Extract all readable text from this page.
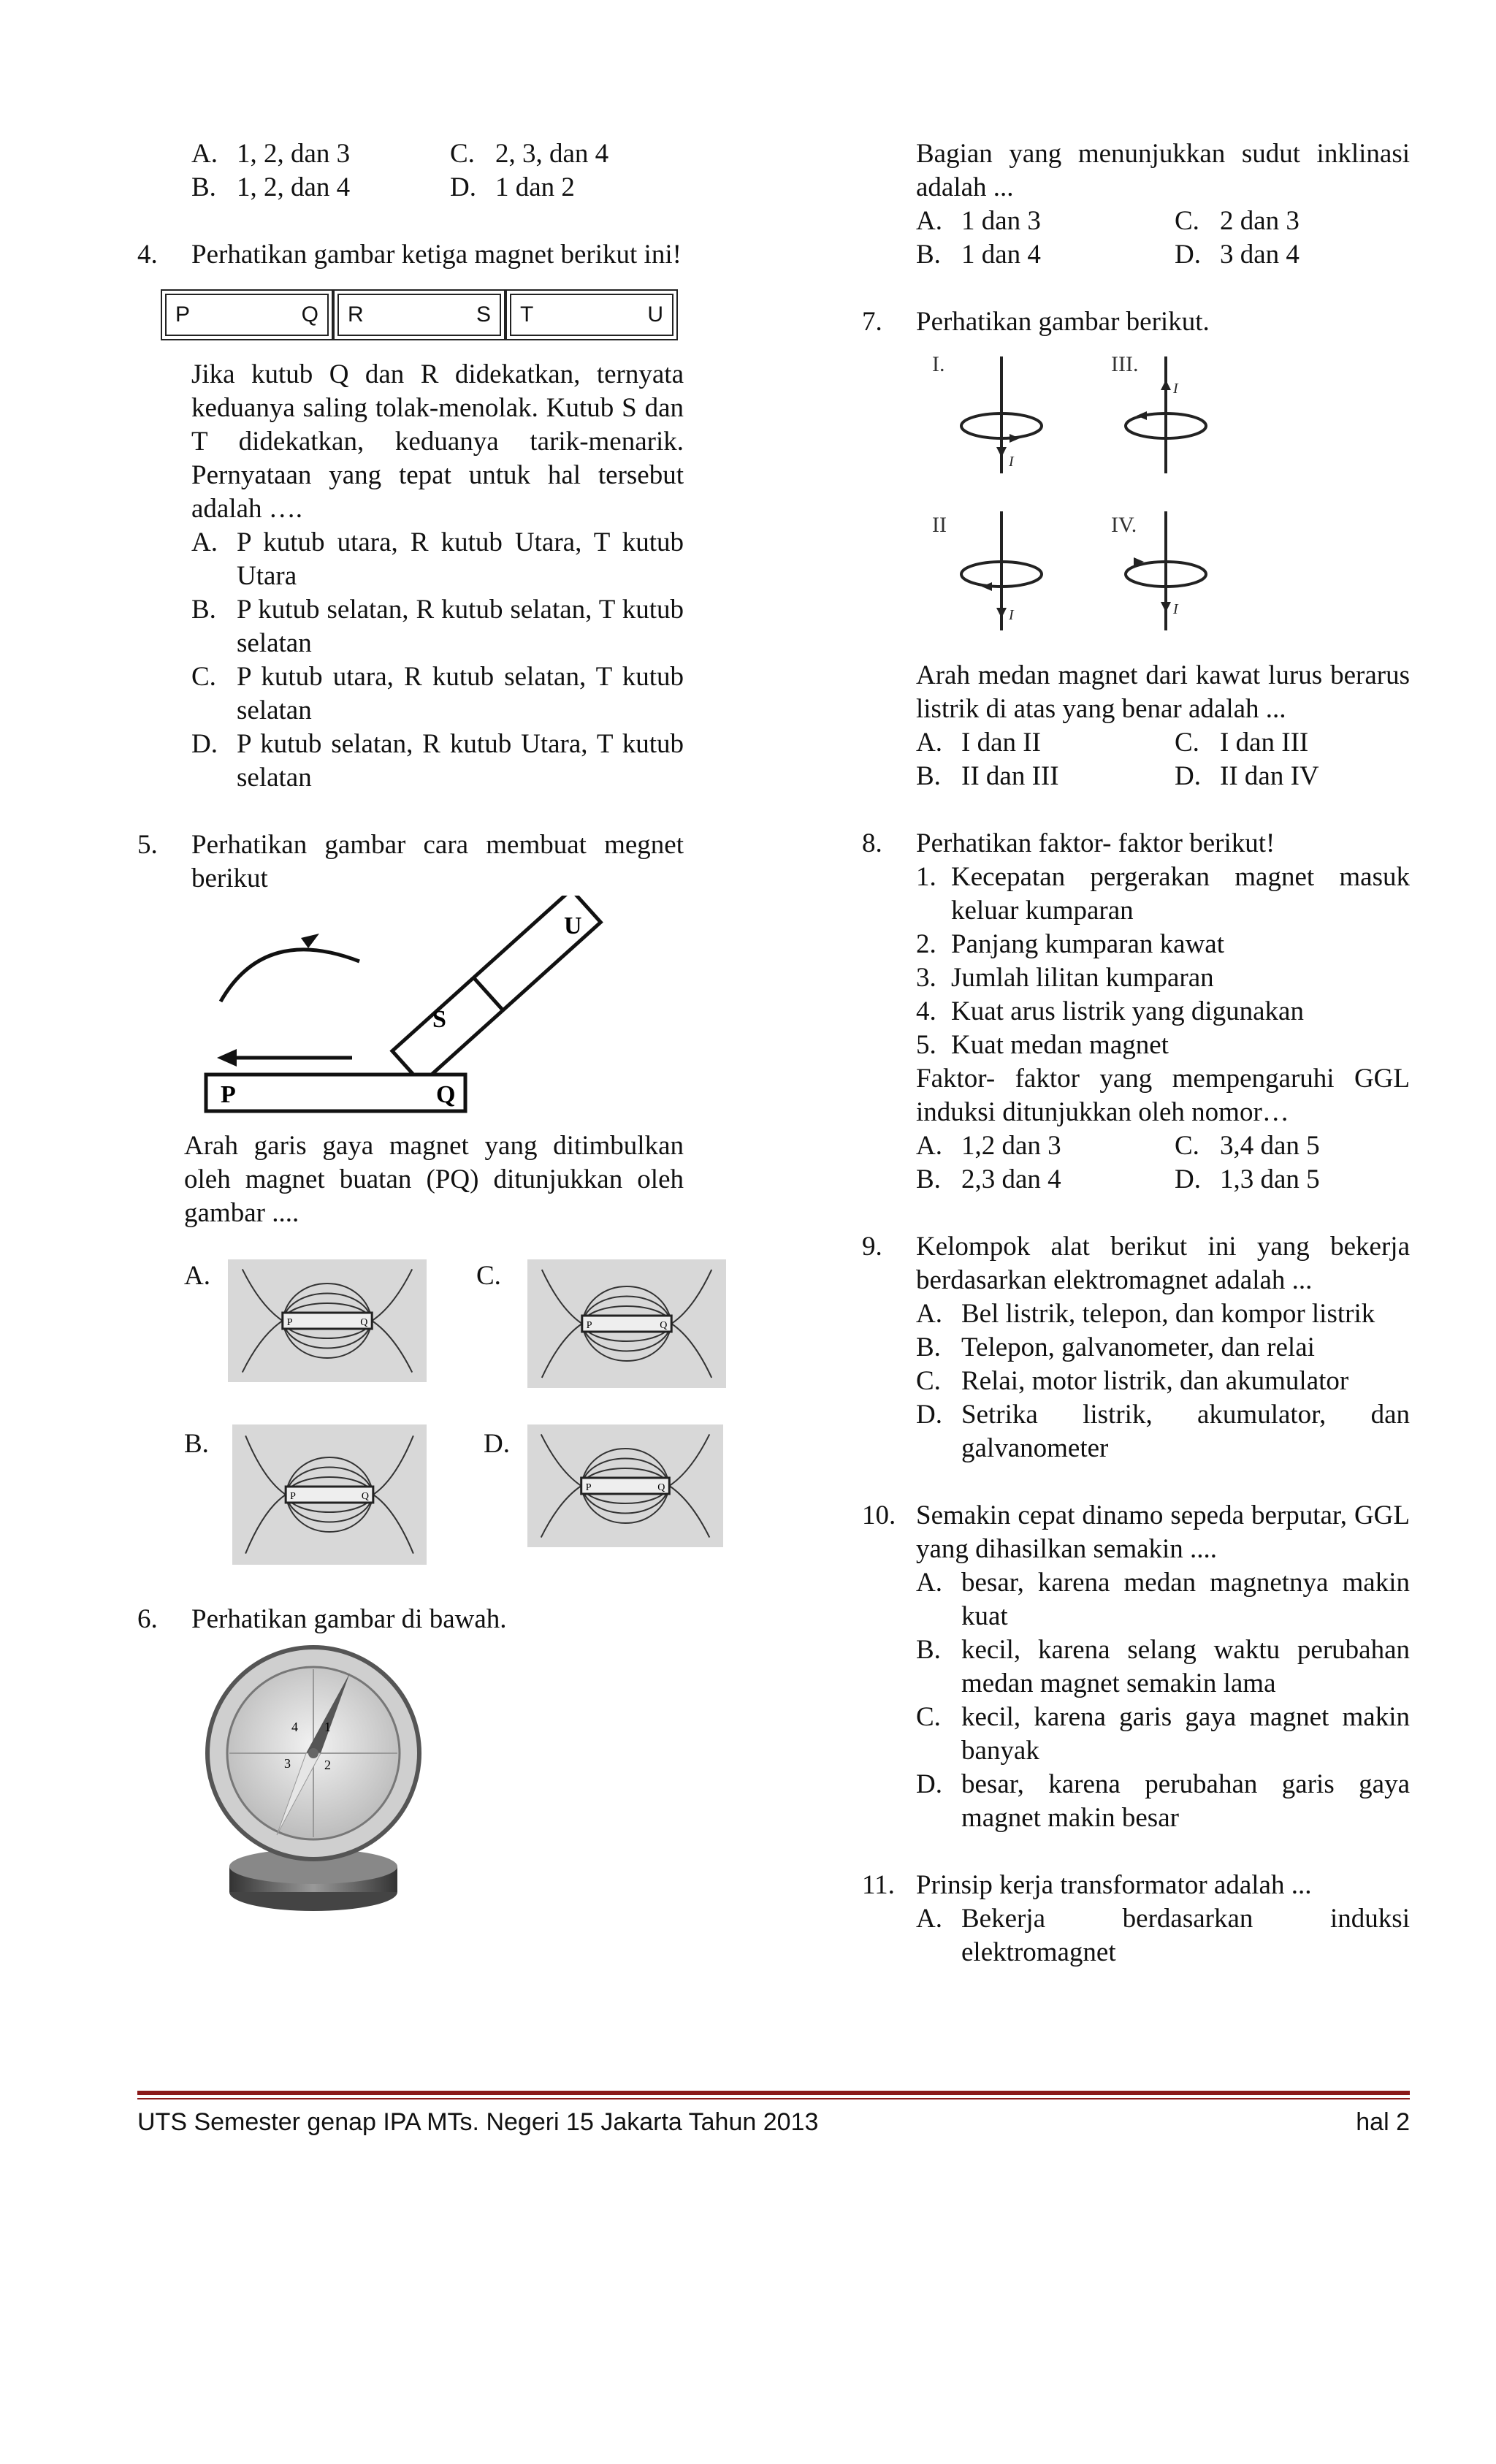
A. 1, 2, dan 3	C. 2, 3, dan 4
B. 1, 2, dan 4	D. 1 dan 2
4.	Perhatikan gambar ketiga magnet berikut ini!

P	Q R	S T	U

Jika kutub Q dan R didekatkan, ternyata keduanya saling tolak-menolak. Kutub S dan T didekatkan, keduanya tarik-menarik. Pernyataan yang tepat untuk hal tersebut adalah ….

A. P kutub utara, R kutub Utara, T kutub Utara
B. P kutub selatan, R kutub selatan, T kutub selatan
C. P kutub utara, R kutub selatan, T kutub selatan
D. P kutub selatan, R kutub Utara, T kutub selatan
5.	Perhatikan gambar cara membuat megnet berikut

S
U
P	Q

Arah garis gaya magnet yang ditimbulkan oleh magnet buatan (PQ) ditunjukkan oleh gambar ....

A.	C.
B.	D.
P	Q	P	Q
P	Q
P	Q
6.	Perhatikan gambar di bawah.

4 1
3	2

Bagian yang menunjukkan sudut inklinasi adalah ...

A. 1 dan 3	C. 2 dan 3
B. 1 dan 4	D. 3 dan 4
7.	Perhatikan gambar berikut.

I.	III.
II	IV.
I
I
I	I

Arah medan magnet dari kawat lurus berarus listrik di atas yang benar adalah ...

A. I dan II	C. I dan III
B. II dan III	D. II dan IV
8.	Perhatikan faktor- faktor berikut!

1. Kecepatan pergerakan magnet masuk keluar kumparan
2. Panjang kumparan kawat
3. Jumlah lilitan kumparan
4. Kuat arus listrik yang digunakan
5. Kuat medan magnet

Faktor- faktor yang mempengaruhi GGL induksi ditunjukkan oleh nomor…

A. 1,2 dan 3	C. 3,4 dan 5
B. 2,3 dan 4	D. 1,3 dan 5
9.	Kelompok alat berikut ini yang bekerja berdasarkan elektromagnet adalah ...

A. Bel listrik, telepon, dan kompor listrik
B. Telepon, galvanometer, dan relai
C. Relai, motor listrik, dan akumulator
D. Setrika listrik, akumulator, dan galvanometer
10. Semakin cepat dinamo sepeda berputar, GGL yang dihasilkan semakin ....

A. besar, karena medan magnetnya makin kuat
B. kecil, karena selang waktu perubahan medan magnet semakin lama
C. kecil, karena garis gaya magnet makin banyak
D. besar, karena perubahan garis gaya magnet makin besar
11. Prinsip kerja transformator adalah ...

A. Bekerja berdasarkan induksi elektromagnet
UTS Semester genap IPA MTs. Negeri 15 Jakarta Tahun 2013	hal 2
